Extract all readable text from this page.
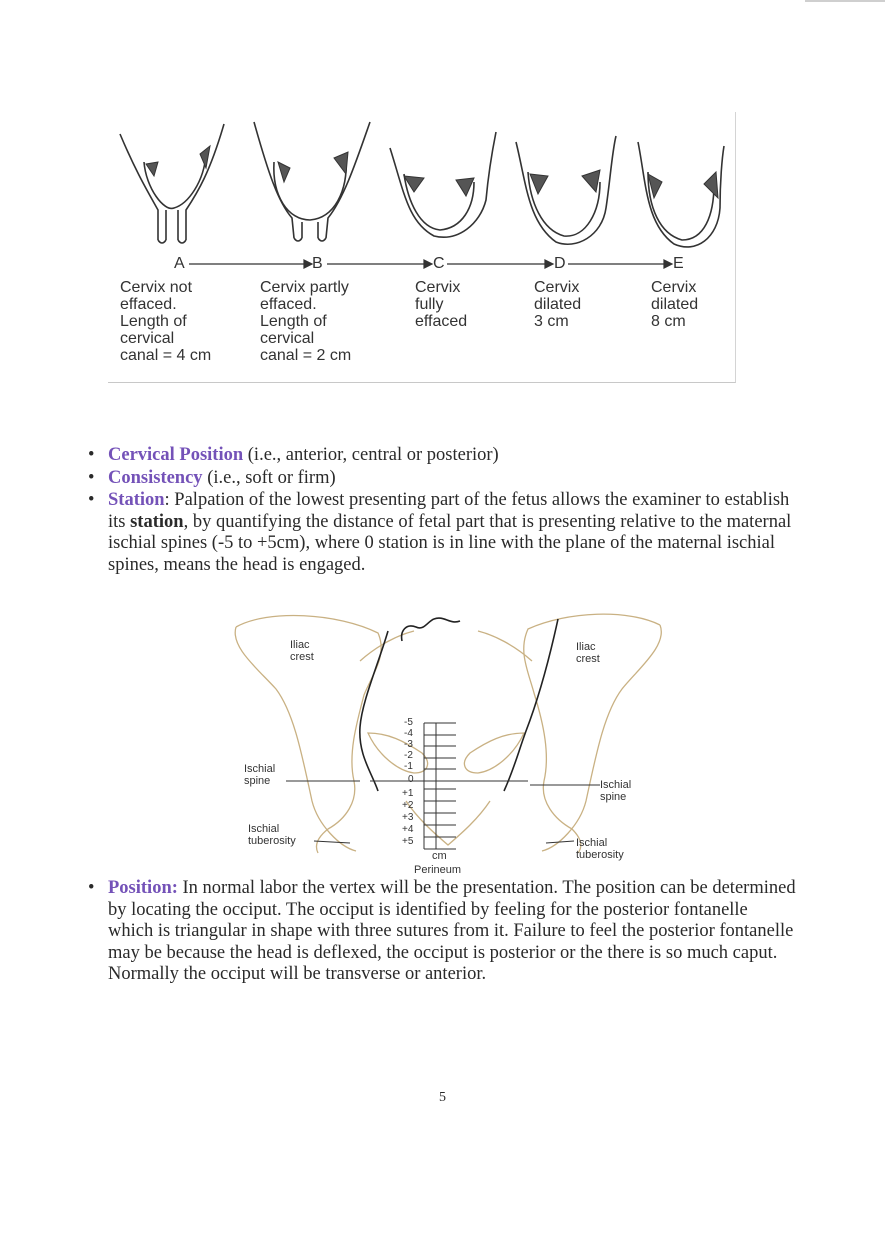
A	B	C	D	E
Cervix not
effaced.
Length of
cervical
canal = 4 cm
Cervix partly
effaced.
Length of
cervical
canal = 2 cm
Cervix
fully
effaced
Cervix
dilated
3 cm
Cervix
dilated
8 cm
• Cervical Position (i.e., anterior, central or posterior)
• Consistency (i.e., soft or firm)
• Station: Palpation of the lowest presenting part of the fetus allows the examiner to establish its station, by quantifying the distance of fetal part that is presenting relative to the maternal ischial spines (-5 to +5cm), where 0 station is in line with the plane of the maternal ischial spines, means the head is engaged.
Iliac
crest
Iliac
crest
Ischial
spine	Ischial
spine
Ischial
tuberosity	Ischial
tuberosity
cm
Perineum
-5
-4
-3
-2
-1
0
+1
+2
+3
+4
+5
• Position: In normal labor the vertex will be the presentation. The position can be determined by locating the occiput. The occiput is identified by feeling for the posterior fontanelle which is triangular in shape with three sutures from it. Failure to feel the posterior fontanelle may be because the head is deflexed, the occiput is posterior or the there is so much caput. Normally the occiput will be transverse or anterior.
5
